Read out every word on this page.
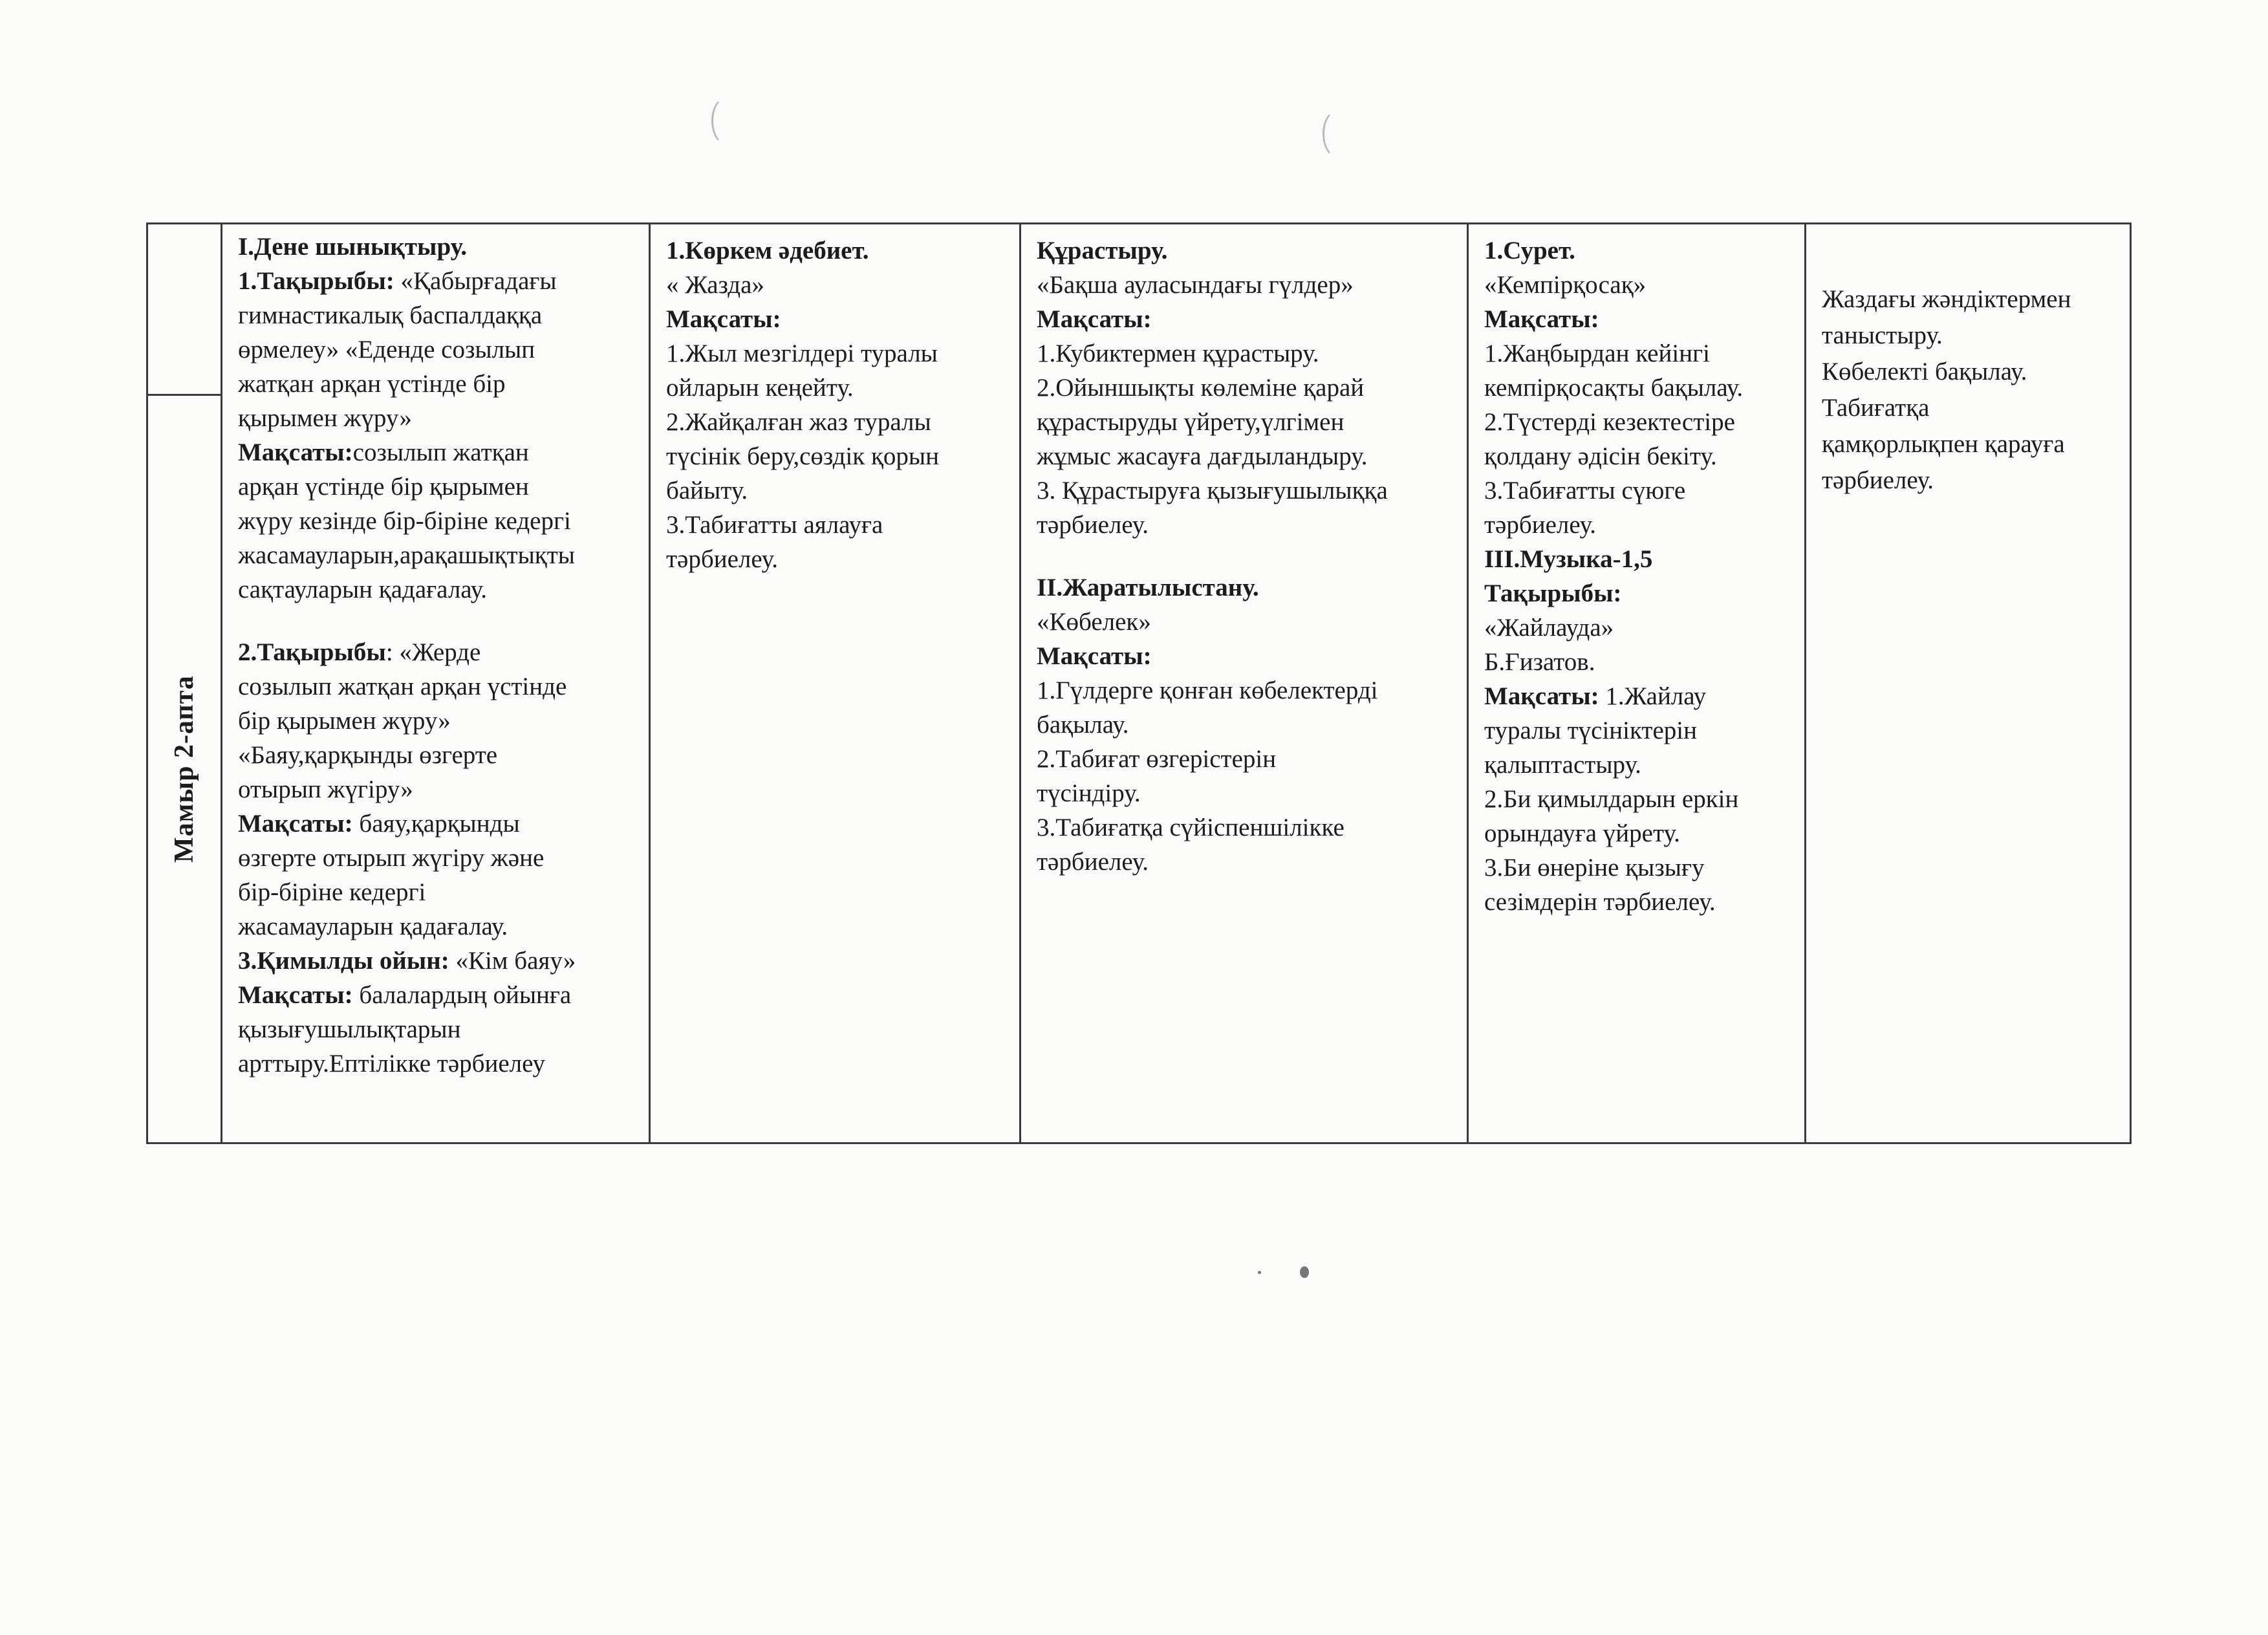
Мамыр 2-апта
І.Дене шынықтыру.
1.Тақырыбы: «Қабырғадағы
гимнастикалық баспалдаққа
өрмелеу» «Еденде созылып
жатқан арқан үстінде бір
қырымен жүру»
Мақсаты:созылып жатқан
арқан үстінде бір қырымен
жүру кезінде бір-біріне кедергі
жасамауларын,арақашықтықты
сақтауларын қадағалау.
2.Тақырыбы: «Жерде
созылып жатқан арқан үстінде
бір қырымен жүру»
«Баяу,қарқынды өзгерте
отырып жүгіру»
Мақсаты: баяу,қарқынды
өзгерте отырып жүгіру және
бір-біріне кедергі
жасамауларын қадағалау.
3.Қимылды ойын: «Кім баяу»
Мақсаты: балалардың ойынға
қызығушылықтарын
арттыру.Ептілікке тәрбиелеу
1.Көркем әдебиет.
« Жазда»
Мақсаты:
1.Жыл мезгілдері туралы
ойларын кеңейту.
2.Жайқалған жаз туралы
түсінік беру,сөздік қорын
байыту.
3.Табиғатты аялауға
тәрбиелеу.
Құрастыру.
«Бақша ауласындағы гүлдер»
Мақсаты:
1.Кубиктермен құрастыру.
2.Ойыншықты көлеміне қарай
құрастыруды үйрету,үлгімен
жұмыс жасауға дағдыландыру.
3. Құрастыруға қызығушылыққа
тәрбиелеу.
ІІ.Жаратылыстану.
«Көбелек»
Мақсаты:
1.Гүлдерге қонған көбелектерді
бақылау.
2.Табиғат өзгерістерін
түсіндіру.
3.Табиғатқа сүйіспеншілікке
тәрбиелеу.
1.Сурет.
«Кемпірқосақ»
Мақсаты:
1.Жаңбырдан кейінгі
кемпірқосақты бақылау.
2.Түстерді кезектестіре
қолдану әдісін бекіту.
3.Табиғатты сүюге
тәрбиелеу.
ІІІ.Музыка-1,5
Тақырыбы:
«Жайлауда»
Б.Ғизатов.
Мақсаты: 1.Жайлау
туралы түсініктерін
қалыптастыру.
2.Би қимылдарын еркін
орындауға үйрету.
3.Би өнеріне қызығу
сезімдерін тәрбиелеу.
Жаздағы жәндіктермен
таныстыру.
Көбелекті бақылау.
Табиғатқа
қамқорлықпен қарауға
тәрбиелеу.
